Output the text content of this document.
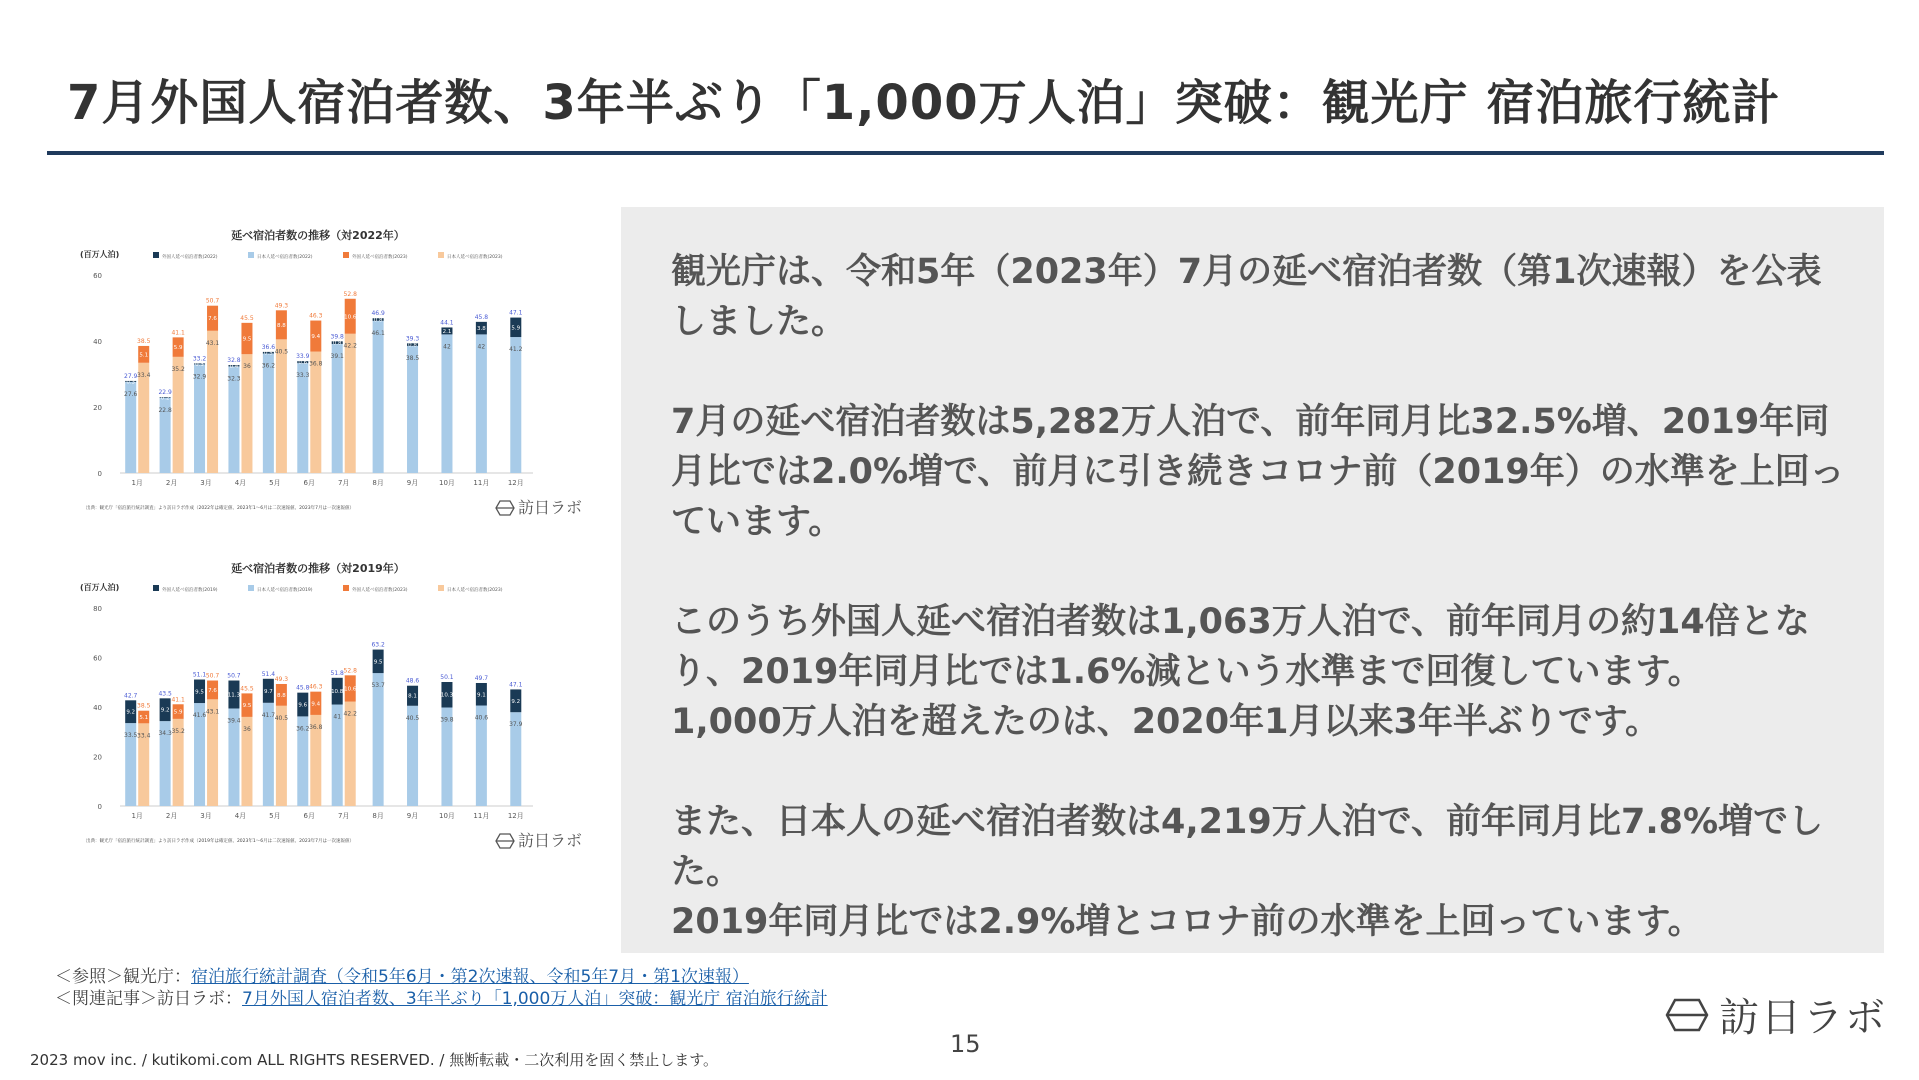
7月外国人宿泊者数、3年半ぶり「1,000万人泊」突破：観光庁 宿泊旅行統計
延べ宿泊者数の推移（対2022年）
(百万人泊)	外国人延べ宿泊者数(2022)	日本人延べ宿泊者数(2022)	外国人延べ宿泊者数(2023)	日本人延べ宿泊者数(2023)
0
20
40
60
27.6
0.3
27.9 33.4
5.1
38.5
1月
22.8
0.2
22.9
35.2
5.9
41.1
2月
32.9
0.3
33.2
43.1
7.6
50.7
3月
32.3
0.4
32.8
36
9.5
45.5
4月
36.2
0.5
36.6
40.5
8.8
49.3
5月
33.3
0.6
33.9
36.8
9.4
46.3
6月
39.1
0.8
39.8
42.2
10.6
52.8
7月
46.1
0.8
46.9
8月
38.5
0.8
39.3
9月
42
2.1
44.1
10月
42
3.8
45.8
11月
41.2
5.9
47.1
12月
出典：観光庁「宿泊旅行統計調査」より訪日ラボ作成（2022年は確定値、2023年1〜6月は二次速報値、2023年7月は一次速報値）	訪日ラボ
延べ宿泊者数の推移（対2019年）
(百万人泊)	外国人延べ宿泊者数(2019)	日本人延べ宿泊者数(2019)	外国人延べ宿泊者数(2023)	日本人延べ宿泊者数(2023)
0
20
40
60
80
33.5
9.2
42.7
33.4
5.1
38.5
1月
34.3
9.2
43.5
35.2
5.9
41.1
2月
41.6
9.5
51.1
43.1
7.6
50.7
3月
39.4
11.3
50.7
36
9.5
45.5
4月
41.7
9.7
51.4
40.5
8.8
49.3
5月
36.2
9.6
45.8
36.8
9.4
46.3
6月
41
10.8
51.8
42.2
10.6
52.8
7月
53.7
9.5
63.2
8月
40.5
8.1
48.6
9月
39.8
10.3
50.1
10月
40.6
9.1
49.7
11月
37.9
9.2
47.1
12月
出典：観光庁「宿泊旅行統計調査」より訪日ラボ作成（2019年は確定値、2023年1〜6月は二次速報値、2023年7月は一次速報値）	訪日ラボ

観光庁は、令和5年（2023年）7月の延べ宿泊者数（第1次速報）を公表しました。

7月の延べ宿泊者数は5,282万人泊で、前年同月比32.5%増、2019年同月比では2.0%増で、前月に引き続きコロナ前（2019年）の水準を上回っています。

このうち外国人延べ宿泊者数は1,063万人泊で、前年同月の約14倍となり、2019年同月比では1.6%減という水準まで回復しています。

1,000万人泊を超えたのは、2020年1月以来3年半ぶりです。

また、日本人の延べ宿泊者数は4,219万人泊で、前年同月比7.8%増でした。

2019年同月比では2.9%増とコロナ前の水準を上回っています。

＜参照＞観光庁：宿泊旅行統計調査（令和5年6月・第2次速報、令和5年7月・第1次速報）
＜関連記事＞訪日ラボ：7月外国人宿泊者数、3年半ぶり「1,000万人泊」突破：観光庁 宿泊旅行統計
15
2023 mov inc. / kutikomi.com ALL RIGHTS RESERVED. / 無断転載・二次利用を固く禁止します。
訪日ラボ
